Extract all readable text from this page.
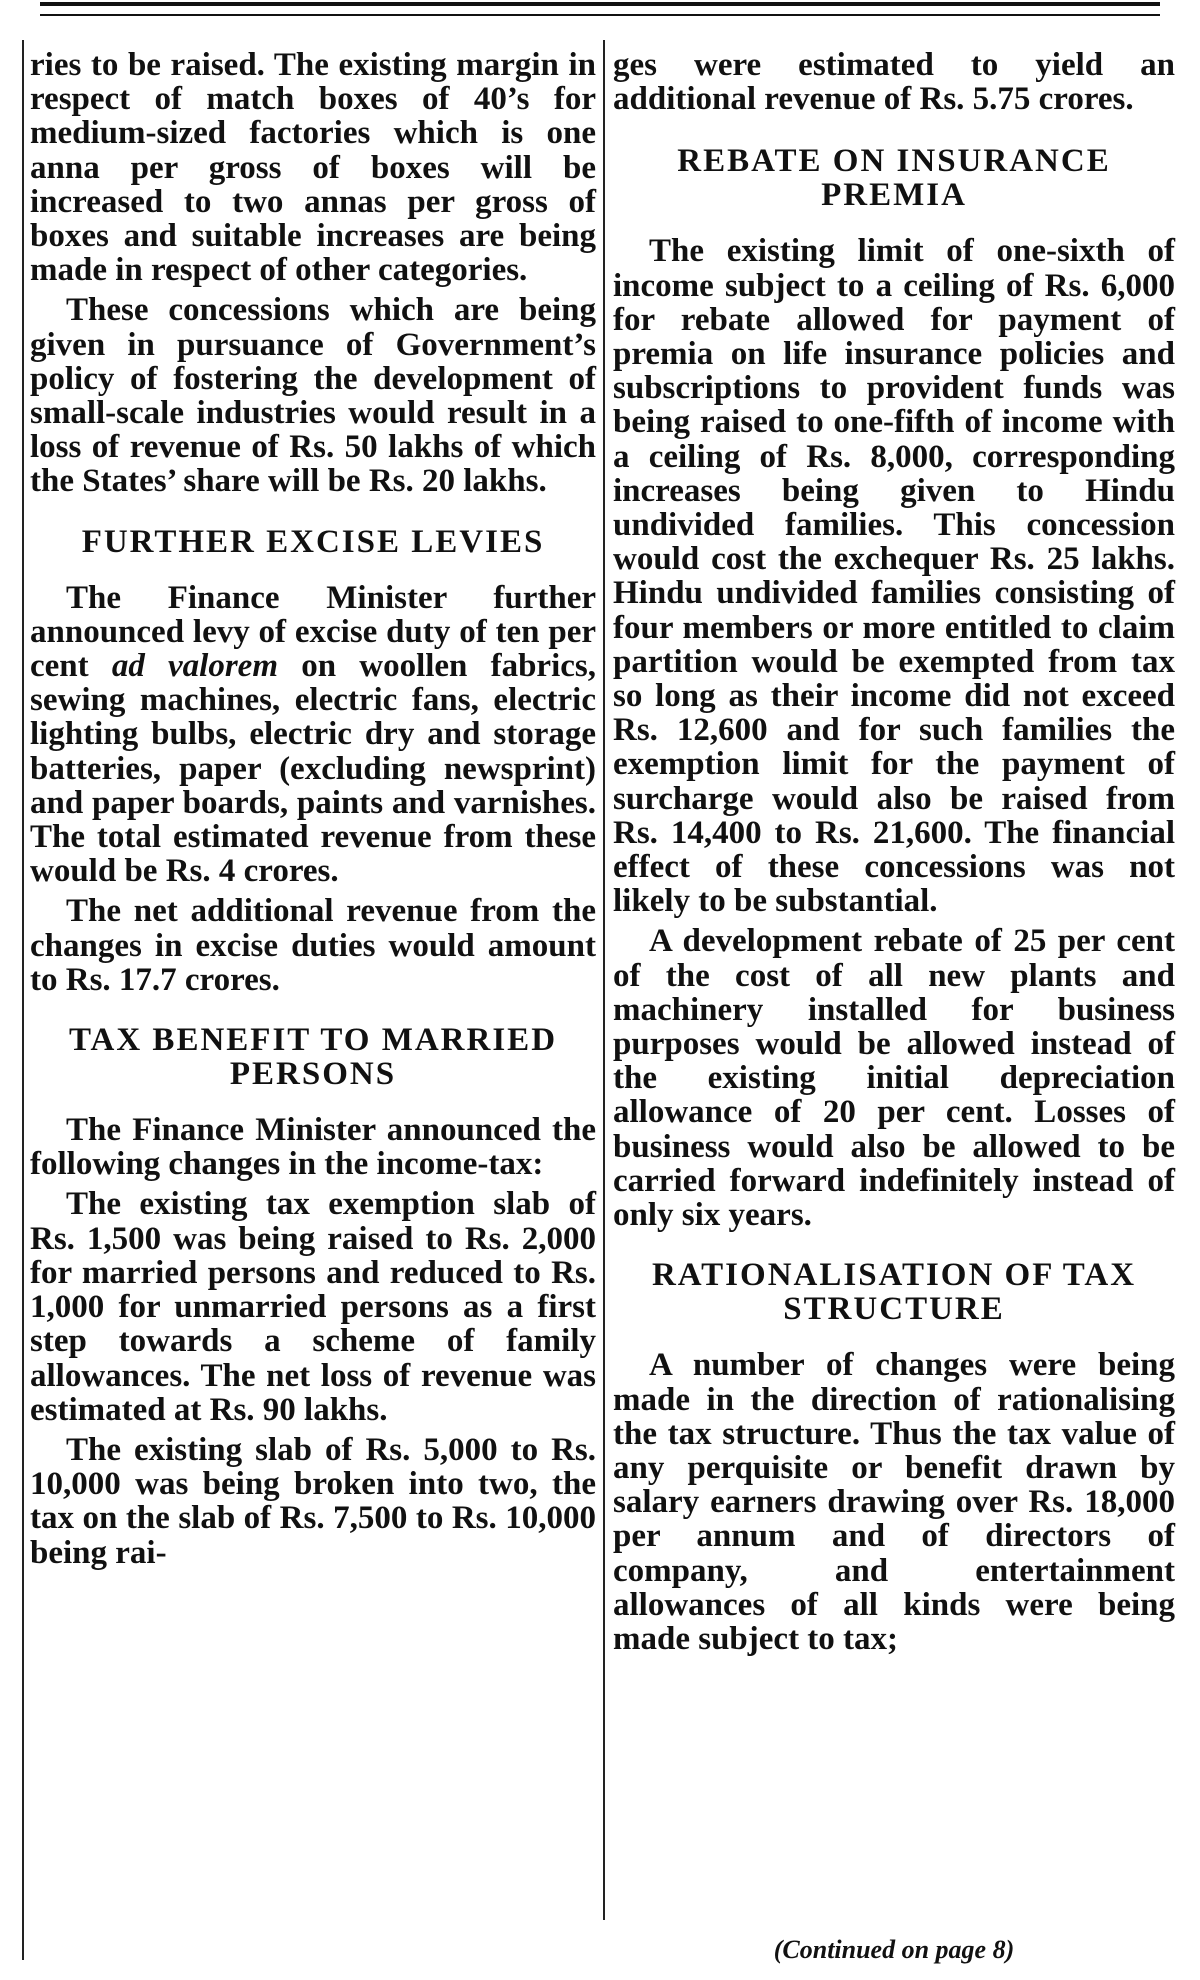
ries to be raised. The existing margin in respect of match boxes of 40’s for medium-sized factories which is one anna per gross of boxes will be increased to two annas per gross of boxes and suitable increases are being made in respect of other categories.

These concessions which are being given in pursuance of Government’s policy of fostering the development of small-scale industries would result in a loss of revenue of Rs. 50 lakhs of which the States’ share will be Rs. 20 lakhs.

FURTHER EXCISE LEVIES

The Finance Minister further announced levy of excise duty of ten per cent ad valorem on woollen fabrics, sewing machines, electric fans, electric lighting bulbs, electric dry and storage batteries, paper (excluding newsprint) and paper boards, paints and varnishes. The total estimated revenue from these would be Rs. 4 crores.

The net additional revenue from the changes in excise duties would amount to Rs. 17.7 crores.

TAX BENEFIT TO MARRIED PERSONS

The Finance Minister announced the following changes in the income-tax:

The existing tax exemption slab of Rs. 1,500 was being raised to Rs. 2,000 for married persons and reduced to Rs. 1,000 for unmarried persons as a first step towards a scheme of family allowances. The net loss of revenue was estimated at Rs. 90 lakhs.

The existing slab of Rs. 5,000 to Rs. 10,000 was being broken into two, the tax on the slab of Rs. 7,500 to Rs. 10,000 being rai-

ges were estimated to yield an additional revenue of Rs. 5.75 crores.

REBATE ON INSURANCE PREMIA

The existing limit of one-sixth of income subject to a ceiling of Rs. 6,000 for rebate allowed for payment of premia on life insurance policies and subscriptions to provident funds was being raised to one-fifth of income with a ceiling of Rs. 8,000, corresponding increases being given to Hindu undivided families. This concession would cost the exchequer Rs. 25 lakhs. Hindu undivided families consisting of four members or more entitled to claim partition would be exempted from tax so long as their income did not exceed Rs. 12,600 and for such families the exemption limit for the payment of surcharge would also be raised from Rs. 14,400 to Rs. 21,600. The financial effect of these concessions was not likely to be substantial.

A development rebate of 25 per cent of the cost of all new plants and machinery installed for business purposes would be allowed instead of the existing initial depreciation allowance of 20 per cent. Losses of business would also be allowed to be carried forward indefinitely instead of only six years.

RATIONALISATION OF TAX STRUCTURE

A number of changes were being made in the direction of rationalising the tax structure. Thus the tax value of any perquisite or benefit drawn by salary earners drawing over Rs. 18,000 per annum and of directors of company, and entertainment allowances of all kinds were being made subject to tax;

(Continued on page 8)
